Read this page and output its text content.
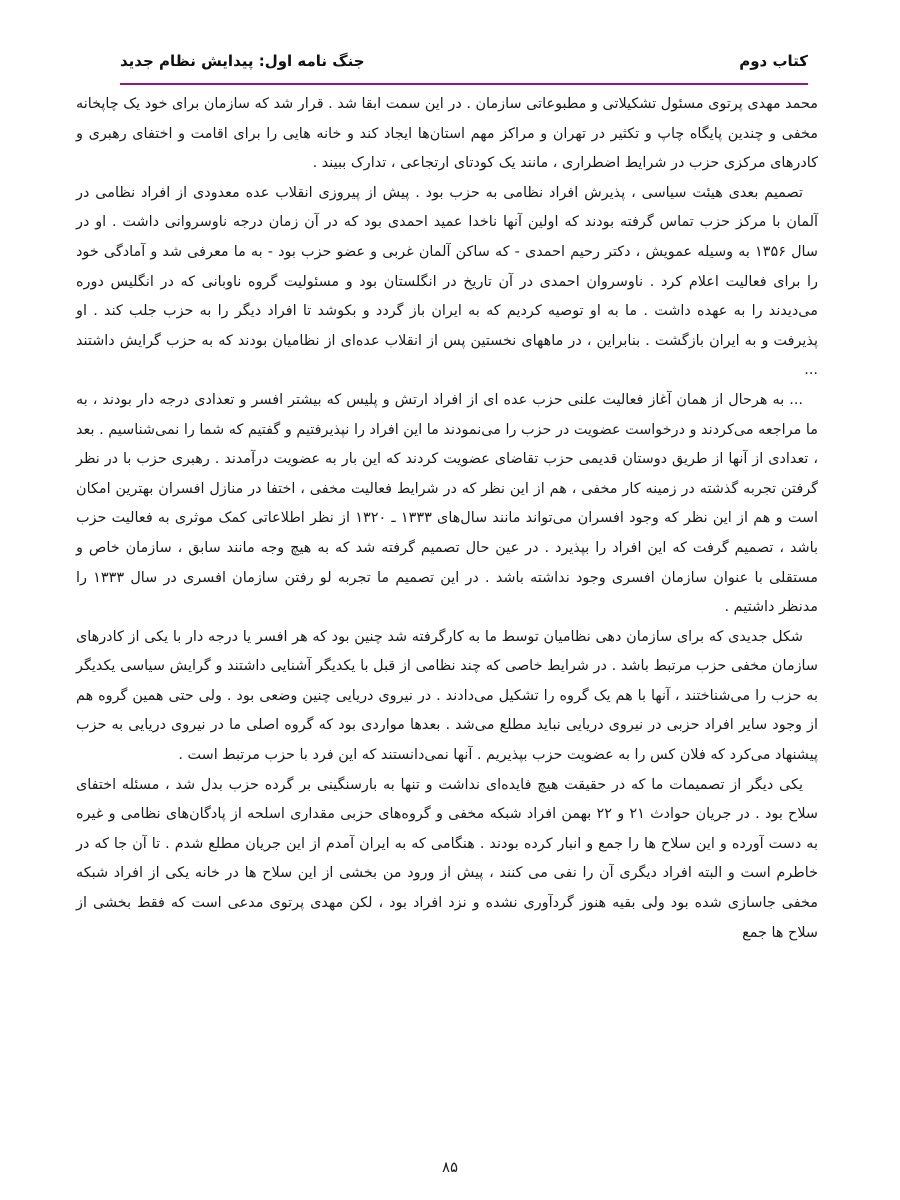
کتاب دوم
جنگ نامه اول: پیدایش نظام جدید

محمد مهدی پرتوی مسئول تشکیلاتی و مطبوعاتی سازمان . در این سمت ابقا شد . قرار شد که سازمان برای خود یک چاپخانه مخفی و چندین پایگاه چاپ و تکثیر در تهران و مراکز مهم استان‌ها ایجاد کند و خانه هایی را برای اقامت و اختفای رهبری و کادرهای مرکزی حزب در شرایط اضطراری ، مانند یک کودتای ارتجاعی ، تدارک ببیند .

تصمیم بعدی هیئت سیاسی ، پذیرش افراد نظامی به حزب بود . پیش از پیروزی انقلاب عده معدودی از افراد نظامی در آلمان با مرکز حزب تماس گرفته بودند که اولین آنها ناخدا عمید احمدی بود که در آن زمان درجه ناوسروانی داشت . او در سال ۱۳۵۶ به وسیله عمویش ، دکتر رحیم احمدی - که ساکن آلمان غربی و عضو حزب بود - به ما معرفی شد و آمادگی خود را برای فعالیت اعلام کرد . ناوسروان احمدی در آن تاریخ در انگلستان بود و مسئولیت گروه ناوبانی که در انگلیس دوره می‌دیدند را به عهده داشت . ما به او توصیه کردیم که به ایران باز گردد و بکوشد تا افراد دیگر را به حزب جلب کند . او پذیرفت و به ایران بازگشت . بنابراین ، در ماههای نخستین پس از انقلاب عده‌ای از نظامیان بودند که به حزب گرایش داشتند ...

... به هرحال از همان آغاز فعالیت علنی حزب عده ای از افراد ارتش و پلیس که بیشتر افسر و تعدادی درجه دار بودند ، به ما مراجعه می‌کردند و درخواست عضویت در حزب را می‌نمودند ما این افراد را نپذیرفتیم و گفتیم که شما را نمی‌شناسیم . بعد ، تعدادی از آنها از طریق دوستان قدیمی حزب تقاضای عضویت کردند که این بار به عضویت درآمدند . رهبری حزب با در نظر گرفتن تجربه گذشته در زمینه کار مخفی ، هم از این نظر که در شرایط فعالیت مخفی ، اختفا در منازل افسران بهترین امکان است و هم از این نظر که وجود افسران می‌تواند مانند سال‌های ۱۳۳۳ ـ ۱۳۲۰ از نظر اطلاعاتی کمک موثری به فعالیت حزب باشد ، تصمیم گرفت که این افراد را بپذیرد . در عین حال تصمیم گرفته شد که به هیچ وجه مانند سابق ، سازمان خاص و مستقلی با عنوان سازمان افسری وجود نداشته باشد . در این تصمیم ما تجربه لو رفتن سازمان افسری در سال ۱۳۳۳ را مدنظر داشتیم .

شکل جدیدی که برای سازمان دهی نظامیان توسط ما به کارگرفته شد چنین بود که هر افسر یا درجه دار با یکی از کادرهای سازمان مخفی حزب مرتبط باشد . در شرایط خاصی که چند نظامی از قبل با یکدیگر آشنایی داشتند و گرایش سیاسی یکدیگر به حزب را می‌شناختند ، آنها با هم یک گروه را تشکیل می‌دادند . در نیروی دریایی چنین وضعی بود . ولی حتی همین گروه هم از وجود سایر افراد حزبی در نیروی دریایی نباید مطلع می‌شد . بعدها مواردی بود که گروه اصلی ما در نیروی دریایی به حزب پیشنهاد می‌کرد که فلان کس را به عضویت حزب بپذیریم . آنها نمی‌دانستند که این فرد با حزب مرتبط است .

یکی دیگر از تصمیمات ما که در حقیقت هیچ فایده‌ای نداشت و تنها به بارسنگینی بر گرده حزب بدل شد ، مسئله اختفای سلاح بود . در جریان حوادث ۲۱ و ۲۲ بهمن افراد شبکه مخفی و گروه‌های حزبی مقداری اسلحه از پادگان‌های نظامی و غیره به دست آورده و این سلاح ها را جمع و انبار کرده بودند . هنگامی که به ایران آمدم از این جریان مطلع شدم . تا آن جا که در خاطرم است و البته افراد دیگری آن را نفی می کنند ، پیش از ورود من بخشی از این سلاح ها در خانه یکی از افراد شبکه مخفی جاسازی شده بود ولی بقیه هنوز گردآوری نشده و نزد افراد بود ، لکن مهدی پرتوی مدعی است که فقط بخشی از سلاح ها جمع

۸۵
